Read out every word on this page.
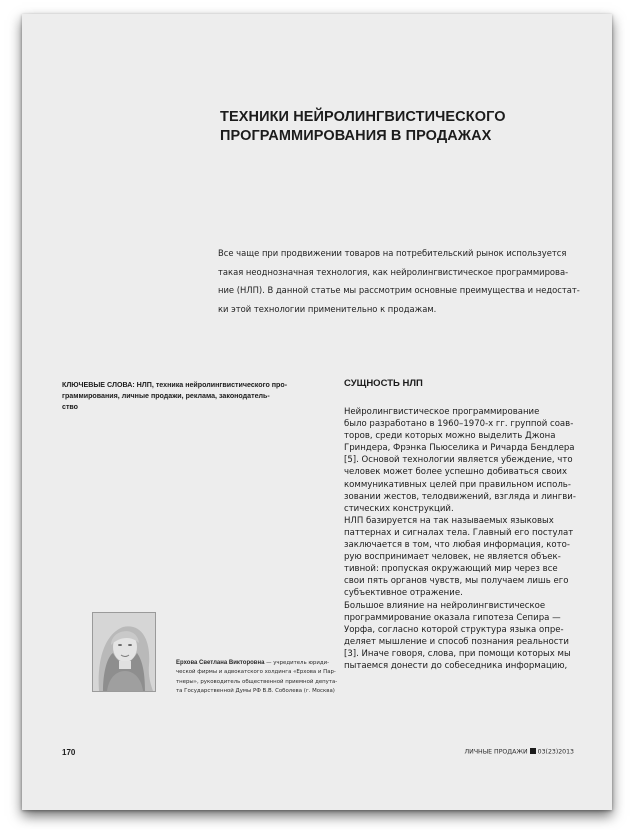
ТЕХНИКИ НЕЙРОЛИНГВИСТИЧЕСКОГО
ПРОГРАММИРОВАНИЯ В ПРОДАЖАХ
Все чаще при продвижении товаров на потребительский рынок используется
такая неоднозначная технология, как нейролингвистическое программирова-
ние (НЛП). В данной статье мы рассмотрим основные преимущества и недостат-
ки этой технологии применительно к продажам.
КЛЮЧЕВЫЕ СЛОВА: НЛП, техника нейролингвистического про-
граммирования, личные продажи, реклама, законодатель-
ство
СУЩНОСТЬ НЛП
Нейролингвистическое программирование
было разработано в 1960–1970-х гг. группой соав-
торов, среди которых можно выделить Джона
Гриндера, Фрэнка Пьюселика и Ричарда Бендлера
[5]. Основой технологии является убеждение, что
человек может более успешно добиваться своих
коммуникативных целей при правильном исполь-
зовании жестов, телодвижений, взгляда и лингви-
стических конструкций.
НЛП базируется на так называемых языковых
паттернах и сигналах тела. Главный его постулат
заключается в том, что любая информация, кото-
рую воспринимает человек, не является объек-
тивной: пропуская окружающий мир через все
свои пять органов чувств, мы получаем лишь его
субъективное отражение.
Большое влияние на нейролингвистическое
программирование оказала гипотеза Сепира —
Уорфа, согласно которой структура языка опре-
деляет мышление и способ познания реальности
[3]. Иначе говоря, слова, при помощи которых мы
пытаемся донести до собеседника информацию,
Ерхова Светлана Викторовна — учредитель юриди-
ческой фирмы и адвокатского холдинга «Ерхова и Пар-
тнеры», руководитель общественной приемной депута-
та Государственной Думы РФ В.В. Соболева (г. Москва)
170	ЛИЧНЫЕ ПРОДАЖИ 03(23)2013
